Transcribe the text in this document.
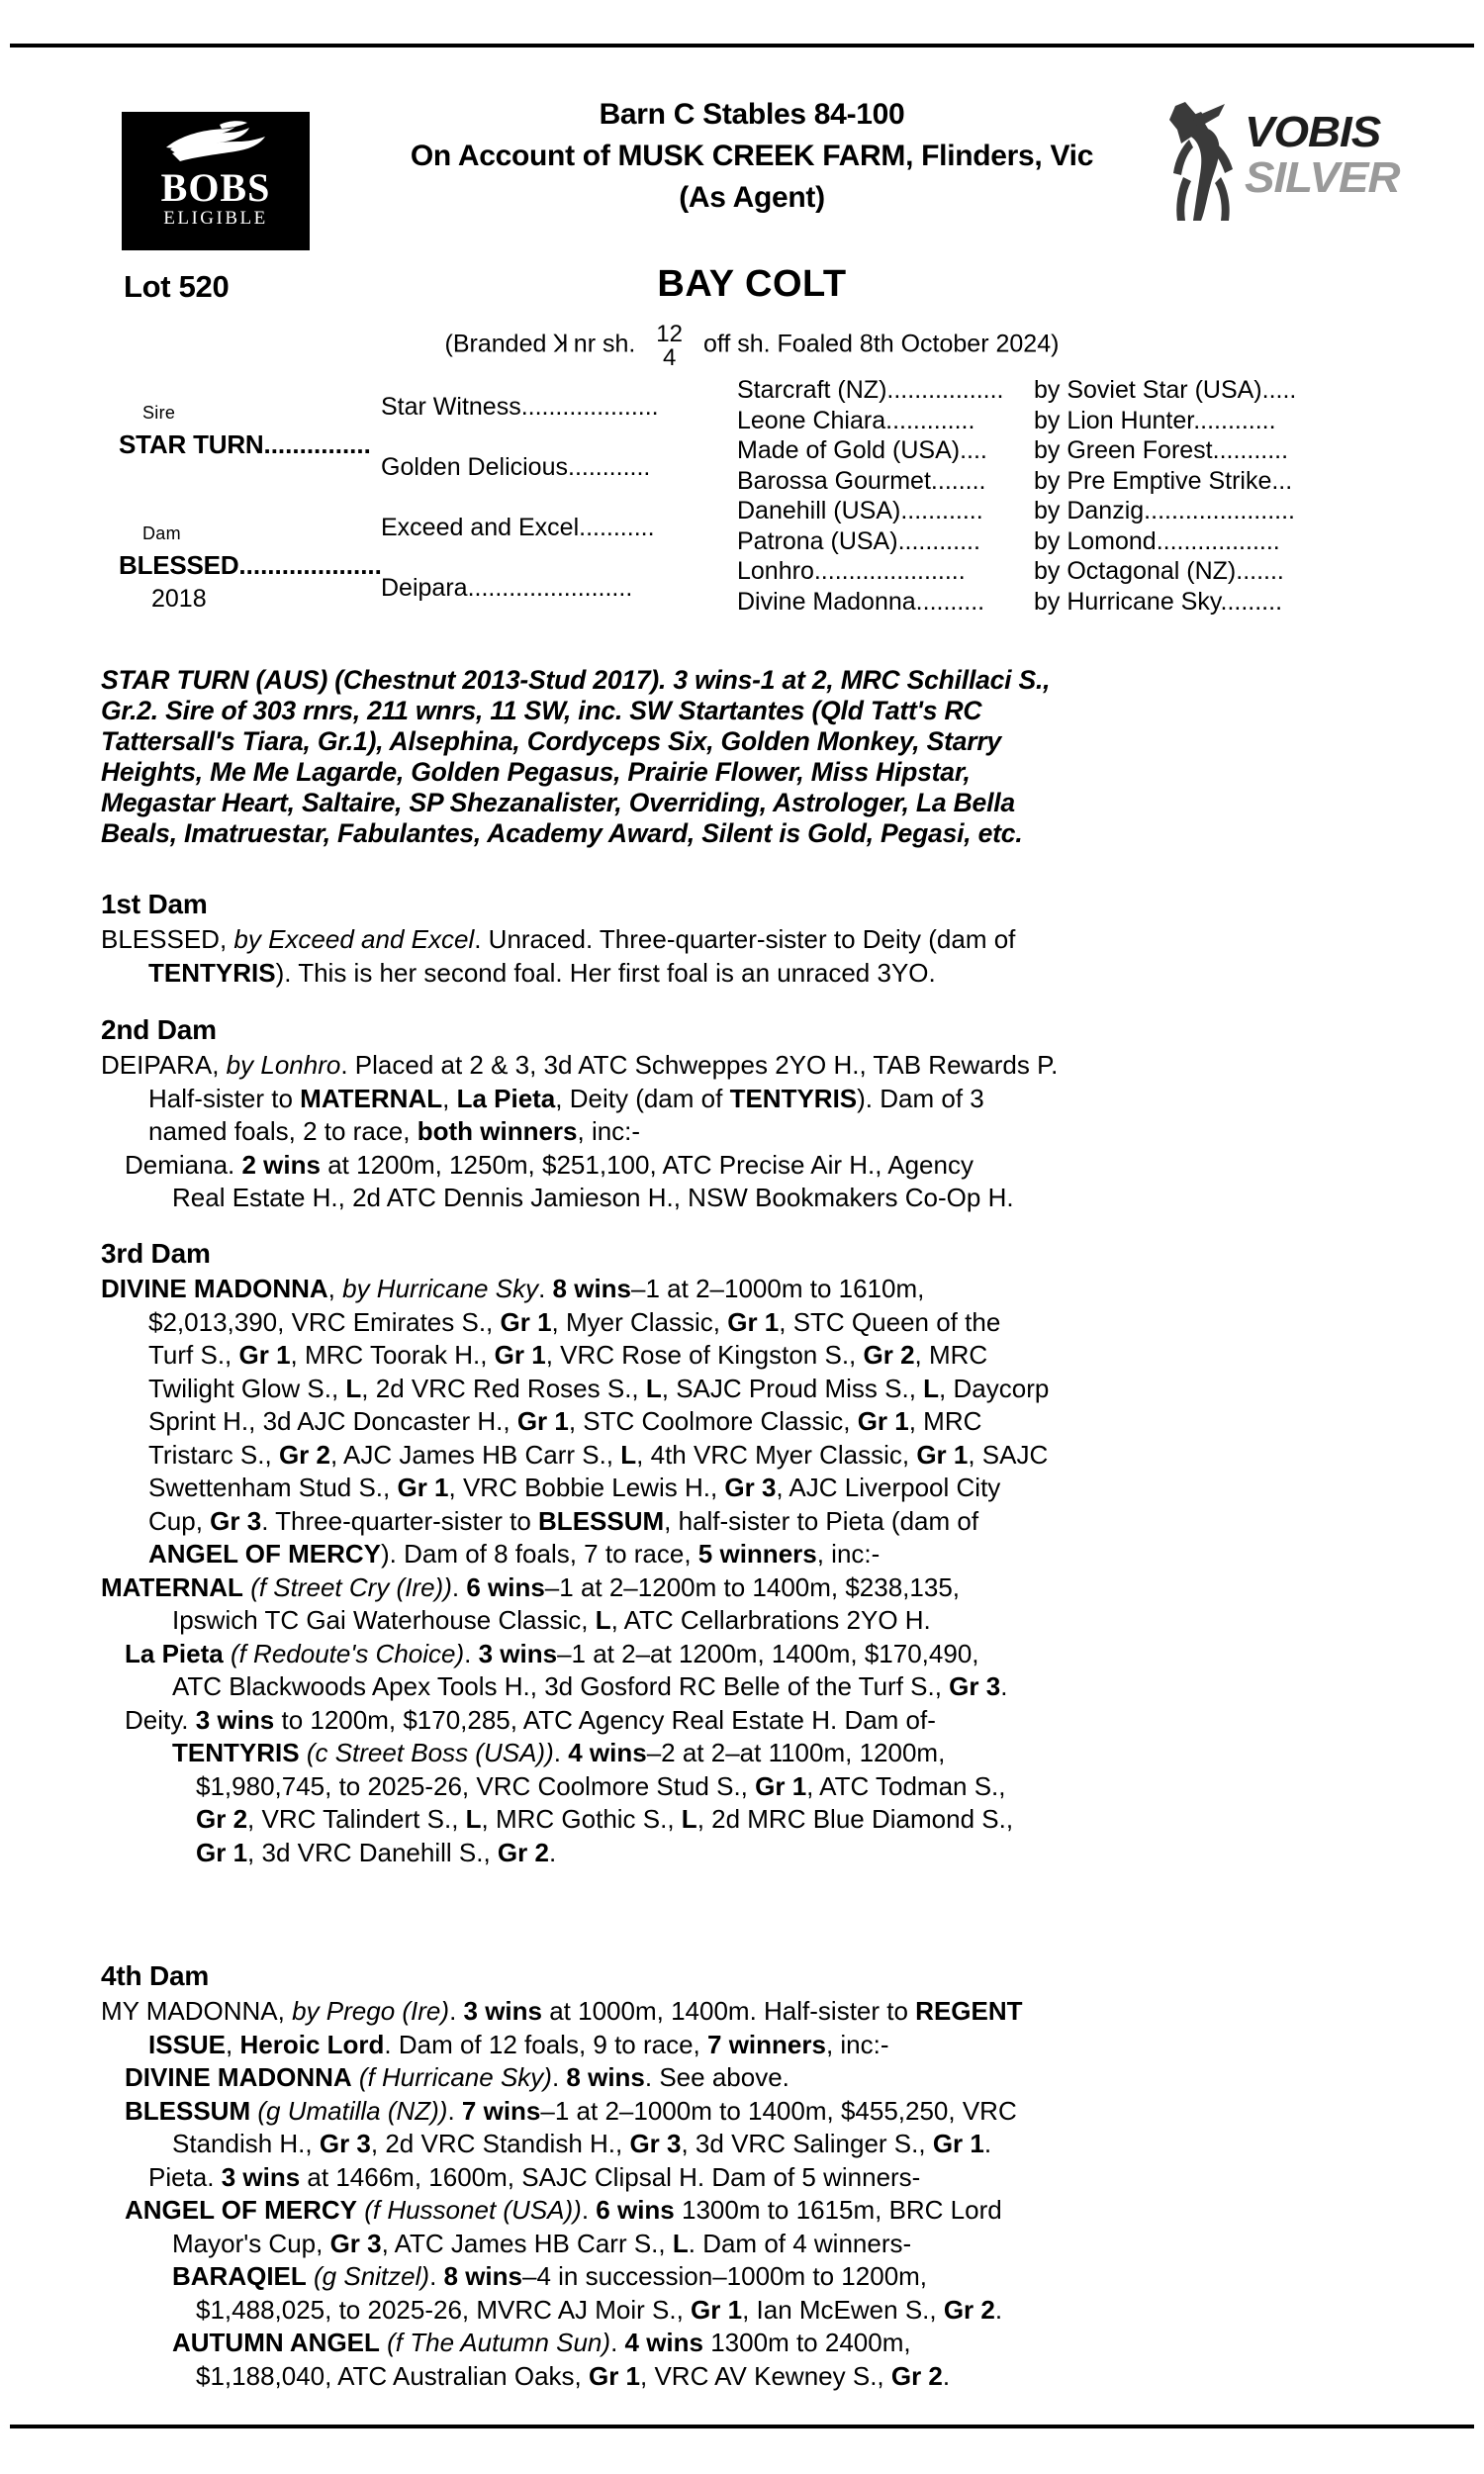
BOBS
ELIGIBLE
Barn C Stables 84-100
On Account of MUSK CREEK FARM, Flinders, Vic
(As Agent)
VOBIS
SILVER
Lot 520	BAY COLT
(Branded Ʞ nr sh. 12
4 off sh. Foaled 8th October 2024)
Sire
STAR TURN...............
Dam
BLESSED....................
2018
Star Witness....................
Golden Delicious............
Exceed and Excel...........
Deipara........................
Starcraft (NZ).................
Leone Chiara.............
Made of Gold (USA)....
Barossa Gourmet........
Danehill (USA)............
Patrona (USA)............
Lonhro......................
Divine Madonna..........
by Soviet Star (USA).....
by Lion Hunter............
by Green Forest...........
by Pre Emptive Strike...
by Danzig......................
by Lomond..................
by Octagonal (NZ).......
by Hurricane Sky.........
STAR TURN (AUS) (Chestnut 2013-Stud 2017). 3 wins-1 at 2, MRC Schillaci S.,
Gr.2. Sire of 303 rnrs, 211 wnrs, 11 SW, inc. SW Startantes (Qld Tatt's RC
Tattersall's Tiara, Gr.1), Alsephina, Cordyceps Six, Golden Monkey, Starry
Heights, Me Me Lagarde, Golden Pegasus, Prairie Flower, Miss Hipstar,
Megastar Heart, Saltaire, SP Shezanalister, Overriding, Astrologer, La Bella
Beals, Imatruestar, Fabulantes, Academy Award, Silent is Gold, Pegasi, etc.
1st Dam
BLESSED, by Exceed and Excel. Unraced. Three-quarter-sister to Deity (dam of
TENTYRIS). This is her second foal. Her first foal is an unraced 3YO.
2nd Dam
DEIPARA, by Lonhro. Placed at 2 & 3, 3d ATC Schweppes 2YO H., TAB Rewards P.
Half-sister to MATERNAL, La Pieta, Deity (dam of TENTYRIS). Dam of 3
named foals, 2 to race, both winners, inc:-
Demiana. 2 wins at 1200m, 1250m, $251,100, ATC Precise Air H., Agency
Real Estate H., 2d ATC Dennis Jamieson H., NSW Bookmakers Co-Op H.
3rd Dam
DIVINE MADONNA, by Hurricane Sky. 8 wins–1 at 2–1000m to 1610m,
$2,013,390, VRC Emirates S., Gr 1, Myer Classic, Gr 1, STC Queen of the
Turf S., Gr 1, MRC Toorak H., Gr 1, VRC Rose of Kingston S., Gr 2, MRC
Twilight Glow S., L, 2d VRC Red Roses S., L, SAJC Proud Miss S., L, Daycorp
Sprint H., 3d AJC Doncaster H., Gr 1, STC Coolmore Classic, Gr 1, MRC
Tristarc S., Gr 2, AJC James HB Carr S., L, 4th VRC Myer Classic, Gr 1, SAJC
Swettenham Stud S., Gr 1, VRC Bobbie Lewis H., Gr 3, AJC Liverpool City
Cup, Gr 3. Three-quarter-sister to BLESSUM, half-sister to Pieta (dam of
ANGEL OF MERCY). Dam of 8 foals, 7 to race, 5 winners, inc:-
MATERNAL (f Street Cry (Ire)). 6 wins–1 at 2–1200m to 1400m, $238,135,
Ipswich TC Gai Waterhouse Classic, L, ATC Cellarbrations 2YO H.
La Pieta (f Redoute's Choice). 3 wins–1 at 2–at 1200m, 1400m, $170,490,
ATC Blackwoods Apex Tools H., 3d Gosford RC Belle of the Turf S., Gr 3.
Deity. 3 wins to 1200m, $170,285, ATC Agency Real Estate H. Dam of-
TENTYRIS (c Street Boss (USA)). 4 wins–2 at 2–at 1100m, 1200m,
$1,980,745, to 2025-26, VRC Coolmore Stud S., Gr 1, ATC Todman S.,
Gr 2, VRC Talindert S., L, MRC Gothic S., L, 2d MRC Blue Diamond S.,
Gr 1, 3d VRC Danehill S., Gr 2.
4th Dam
MY MADONNA, by Prego (Ire). 3 wins at 1000m, 1400m. Half-sister to REGENT
ISSUE, Heroic Lord. Dam of 12 foals, 9 to race, 7 winners, inc:-
DIVINE MADONNA (f Hurricane Sky). 8 wins. See above.
BLESSUM (g Umatilla (NZ)). 7 wins–1 at 2–1000m to 1400m, $455,250, VRC
Standish H., Gr 3, 2d VRC Standish H., Gr 3, 3d VRC Salinger S., Gr 1.
Pieta. 3 wins at 1466m, 1600m, SAJC Clipsal H. Dam of 5 winners-
ANGEL OF MERCY (f Hussonet (USA)). 6 wins 1300m to 1615m, BRC Lord
Mayor's Cup, Gr 3, ATC James HB Carr S., L. Dam of 4 winners-
BARAQIEL (g Snitzel). 8 wins–4 in succession–1000m to 1200m,
$1,488,025, to 2025-26, MVRC AJ Moir S., Gr 1, Ian McEwen S., Gr 2.
AUTUMN ANGEL (f The Autumn Sun). 4 wins 1300m to 2400m,
$1,188,040, ATC Australian Oaks, Gr 1, VRC AV Kewney S., Gr 2.
